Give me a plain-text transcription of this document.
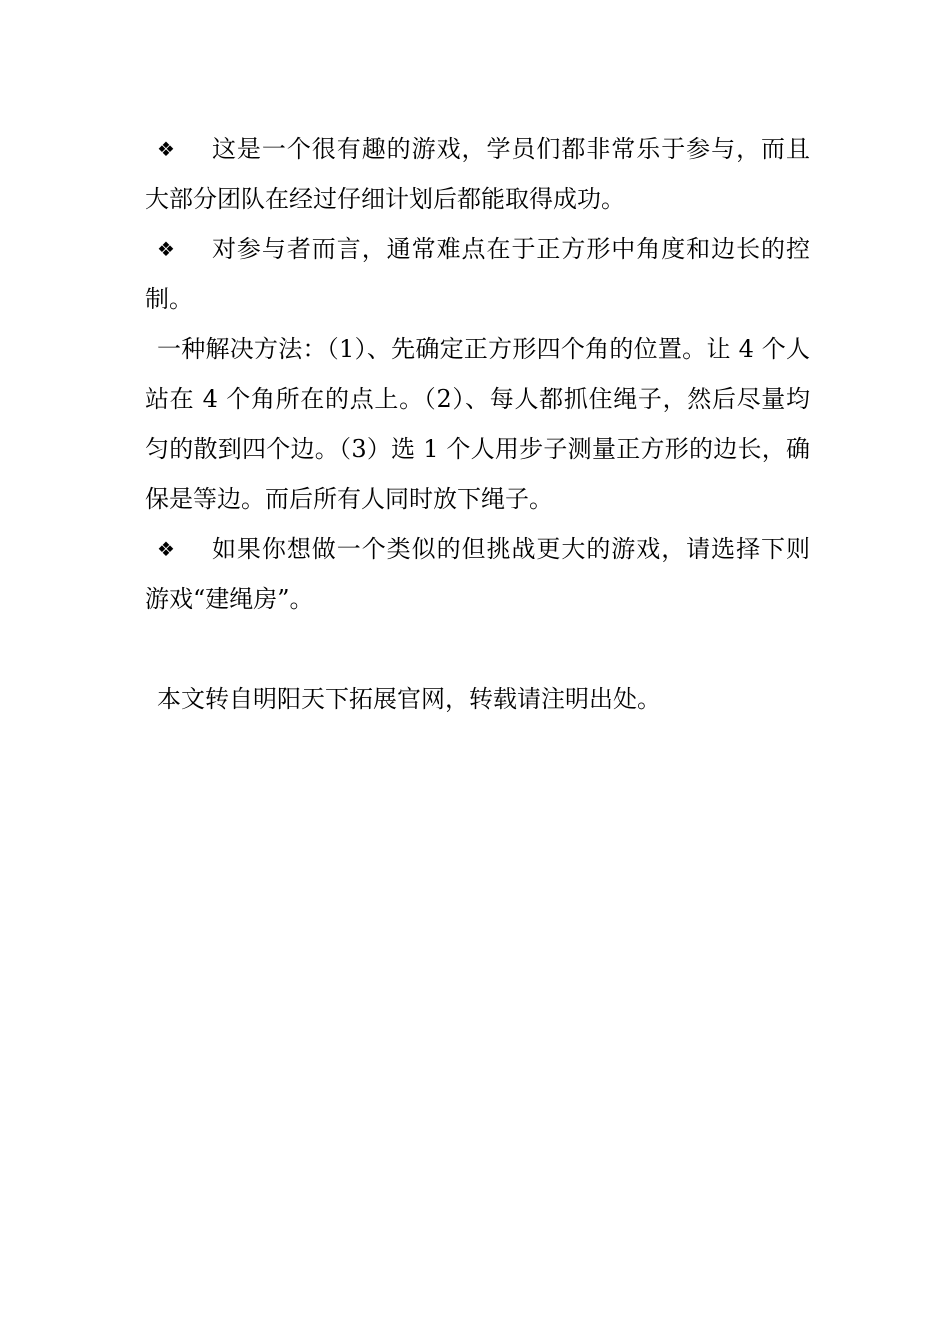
❖ 这是一个很有趣的游戏，学员们都非常乐于参与，而且大部分团队在经过仔细计划后都能取得成功。

❖ 对参与者而言，通常难点在于正方形中角度和边长的控制。

一种解决方法：（1）、先确定正方形四个角的位置。让 4 个人站在 4 个角所在的点上。（2）、每人都抓住绳子，然后尽量均匀的散到四个边。（3）选 1 个人用步子测量正方形的边长，确保是等边。而后所有人同时放下绳子。

❖ 如果你想做一个类似的但挑战更大的游戏，请选择下则游戏“建绳房”。

本文转自明阳天下拓展官网，转载请注明出处。
